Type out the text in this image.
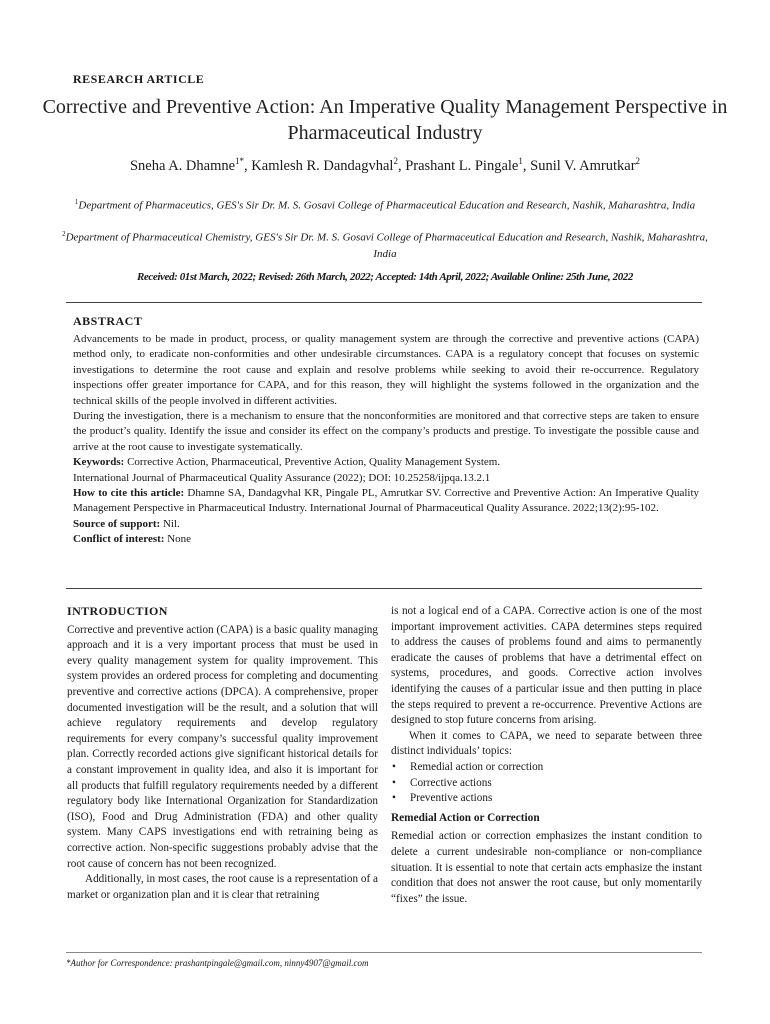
RESEARCH ARTICLE
Corrective and Preventive Action: An Imperative Quality Management Perspective in Pharmaceutical Industry
Sneha A. Dhamne$^{1*}$, Kamlesh R. Dandagvhal$^2$, Prashant L. Pingale$^1$, Sunil V. Amrutkar$^2$
$^1$Department of Pharmaceutics, GES's Sir Dr. M. S. Gosavi College of Pharmaceutical Education and Research, Nashik, Maharashtra, India
$^2$Department of Pharmaceutical Chemistry, GES's Sir Dr. M. S. Gosavi College of Pharmaceutical Education and Research, Nashik, Maharashtra, India
Received: 01st March, 2022; Revised: 26th March, 2022; Accepted: 14th April, 2022; Available Online: 25th June, 2022
ABSTRACT

Advancements to be made in product, process, or quality management system are through the corrective and preventive actions (CAPA) method only, to eradicate non-conformities and other undesirable circumstances. CAPA is a regulatory concept that focuses on systemic investigations to determine the root cause and explain and resolve problems while seeking to avoid their re-occurrence. Regulatory inspections offer greater importance for CAPA, and for this reason, they will highlight the systems followed in the organization and the technical skills of the people involved in different activities.

During the investigation, there is a mechanism to ensure that the nonconformities are monitored and that corrective steps are taken to ensure the product’s quality. Identify the issue and consider its effect on the company’s products and prestige. To investigate the possible cause and arrive at the root cause to investigate systematically.

Keywords: Corrective Action, Pharmaceutical, Preventive Action, Quality Management System.

International Journal of Pharmaceutical Quality Assurance (2022); DOI: 10.25258/ijpqa.13.2.1

How to cite this article: Dhamne SA, Dandagvhal KR, Pingale PL, Amrutkar SV. Corrective and Preventive Action: An Imperative Quality Management Perspective in Pharmaceutical Industry. International Journal of Pharmaceutical Quality Assurance. 2022;13(2):95-102.

Source of support: Nil.

Conflict of interest: None

INTRODUCTION

Corrective and preventive action (CAPA) is a basic quality managing approach and it is a very important process that must be used in every quality management system for quality improvement. This system provides an ordered process for completing and documenting preventive and corrective actions (DPCA). A comprehensive, proper documented investigation will be the result, and a solution that will achieve regulatory requirements and develop regulatory requirements for every company’s successful quality improvement plan. Correctly recorded actions give significant historical details for a constant improvement in quality idea, and also it is important for all products that fulfill regulatory requirements needed by a different regulatory body like International Organization for Standardization (ISO), Food and Drug Administration (FDA) and other quality system. Many CAPS investigations end with retraining being as corrective action. Non-specific suggestions probably advise that the root cause of concern has not been recognized.

Additionally, in most cases, the root cause is a representation of a market or organization plan and it is clear that retraining

is not a logical end of a CAPA. Corrective action is one of the most important improvement activities. CAPA determines steps required to address the causes of problems found and aims to permanently eradicate the causes of problems that have a detrimental effect on systems, procedures, and goods. Corrective action involves identifying the causes of a particular issue and then putting in place the steps required to prevent a re-occurrence. Preventive Actions are designed to stop future concerns from arising.

When it comes to CAPA, we need to separate between three distinct individuals’ topics:

• Remedial action or correction
• Corrective actions
• Preventive actions
Remedial Action or Correction

Remedial action or correction emphasizes the instant condition to delete a current undesirable non-compliance or non-compliance situation. It is essential to note that certain acts emphasize the instant condition that does not answer the root cause, but only momentarily “fixes” the issue.

*Author for Correspondence: prashantpingale@gmail.com, ninny4907@gmail.com
